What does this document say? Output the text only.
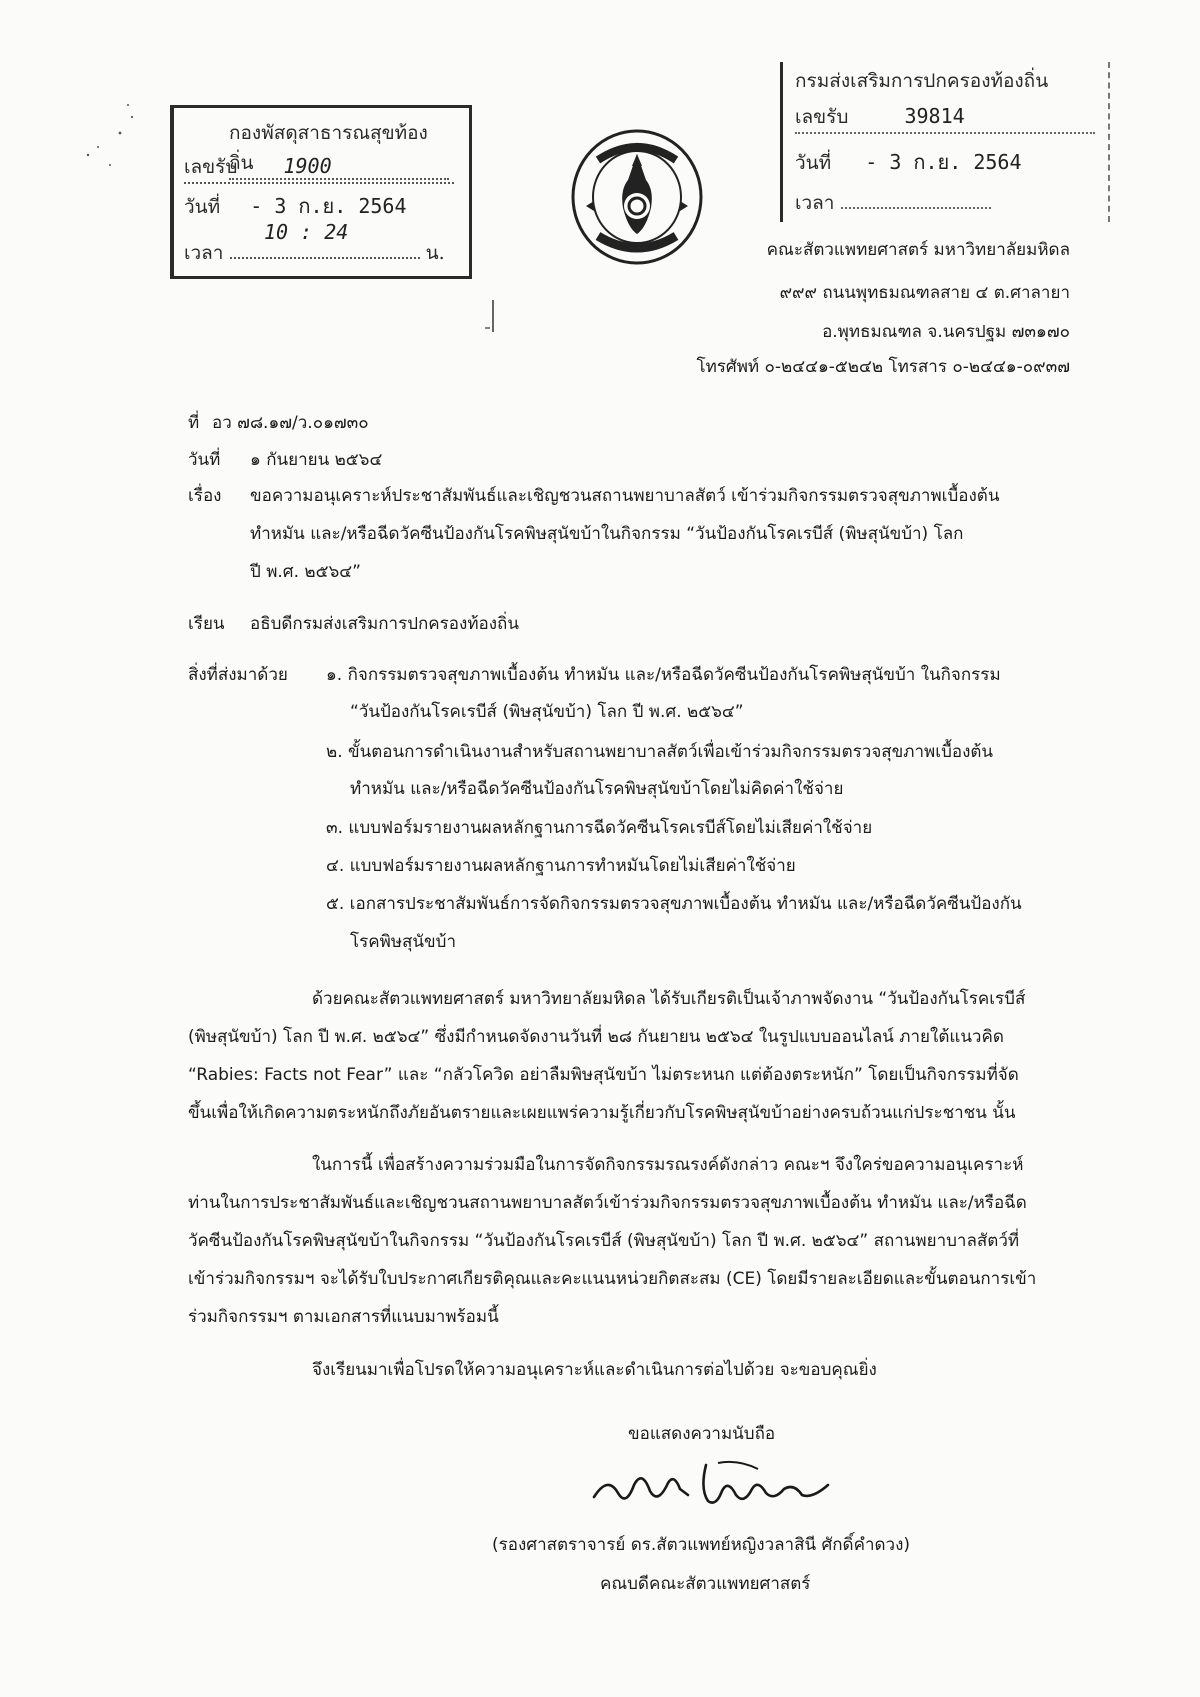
กองพัสดุสาธารณสุขท้องถิ่น
เลขรับ 1900
วันที่ - 3 ก.ย. 2564
10 : 24
เวลา	น.
กรมส่งเสริมการปกครองท้องถิ่น
เลขรับ	39814
วันที่ - 3 ก.ย. 2564
เวลา
คณะสัตวแพทยศาสตร์ มหาวิทยาลัยมหิดล
๙๙๙ ถนนพุทธมณฑลสาย ๔ ต.ศาลายา
อ.พุทธมณฑล จ.นครปฐม ๗๓๑๗๐
โทรศัพท์ ๐-๒๔๔๑-๕๒๔๒ โทรสาร ๐-๒๔๔๑-๐๙๓๗
ที่ อว ๗๘.๑๗/ว.๐๑๗๓๐
วันที่ ๑ กันยายน ๒๕๖๔
เรื่อง ขอความอนุเคราะห์ประชาสัมพันธ์และเชิญชวนสถานพยาบาลสัตว์ เข้าร่วมกิจกรรมตรวจสุขภาพเบื้องต้น
ทำหมัน และ/หรือฉีดวัคซีนป้องกันโรคพิษสุนัขบ้าในกิจกรรม “วันป้องกันโรคเรบีส์ (พิษสุนัขบ้า) โลก
ปี พ.ศ. ๒๕๖๔”
เรียน อธิบดีกรมส่งเสริมการปกครองท้องถิ่น
สิ่งที่ส่งมาด้วย ๑. กิจกรรมตรวจสุขภาพเบื้องต้น ทำหมัน และ/หรือฉีดวัคซีนป้องกันโรคพิษสุนัขบ้า ในกิจกรรม
“วันป้องกันโรคเรบีส์ (พิษสุนัขบ้า) โลก ปี พ.ศ. ๒๕๖๔”
๒. ขั้นตอนการดำเนินงานสำหรับสถานพยาบาลสัตว์เพื่อเข้าร่วมกิจกรรมตรวจสุขภาพเบื้องต้น
ทำหมัน และ/หรือฉีดวัคซีนป้องกันโรคพิษสุนัขบ้าโดยไม่คิดค่าใช้จ่าย
๓. แบบฟอร์มรายงานผลหลักฐานการฉีดวัคซีนโรคเรบีส์โดยไม่เสียค่าใช้จ่าย
๔. แบบฟอร์มรายงานผลหลักฐานการทำหมันโดยไม่เสียค่าใช้จ่าย
๕. เอกสารประชาสัมพันธ์การจัดกิจกรรมตรวจสุขภาพเบื้องต้น ทำหมัน และ/หรือฉีดวัคซีนป้องกัน
โรคพิษสุนัขบ้า
ด้วยคณะสัตวแพทยศาสตร์ มหาวิทยาลัยมหิดล ได้รับเกียรติเป็นเจ้าภาพจัดงาน “วันป้องกันโรคเรบีส์
(พิษสุนัขบ้า) โลก ปี พ.ศ. ๒๕๖๔” ซึ่งมีกำหนดจัดงานวันที่ ๒๘ กันยายน ๒๕๖๔ ในรูปแบบออนไลน์ ภายใต้แนวคิด
“Rabies: Facts not Fear” และ “กลัวโควิด อย่าลืมพิษสุนัขบ้า ไม่ตระหนก แต่ต้องตระหนัก” โดยเป็นกิจกรรมที่จัด
ขึ้นเพื่อให้เกิดความตระหนักถึงภัยอันตรายและเผยแพร่ความรู้เกี่ยวกับโรคพิษสุนัขบ้าอย่างครบถ้วนแก่ประชาชน นั้น
ในการนี้ เพื่อสร้างความร่วมมือในการจัดกิจกรรมรณรงค์ดังกล่าว คณะฯ จึงใคร่ขอความอนุเคราะห์
ท่านในการประชาสัมพันธ์และเชิญชวนสถานพยาบาลสัตว์เข้าร่วมกิจกรรมตรวจสุขภาพเบื้องต้น ทำหมัน และ/หรือฉีด
วัคซีนป้องกันโรคพิษสุนัขบ้าในกิจกรรม “วันป้องกันโรคเรบีส์ (พิษสุนัขบ้า) โลก ปี พ.ศ. ๒๕๖๔” สถานพยาบาลสัตว์ที่
เข้าร่วมกิจกรรมฯ จะได้รับใบประกาศเกียรติคุณและคะแนนหน่วยกิตสะสม (CE) โดยมีรายละเอียดและขั้นตอนการเข้า
ร่วมกิจกรรมฯ ตามเอกสารที่แนบมาพร้อมนี้
จึงเรียนมาเพื่อโปรดให้ความอนุเคราะห์และดำเนินการต่อไปด้วย จะขอบคุณยิ่ง
ขอแสดงความนับถือ
(รองศาสตราจารย์ ดร.สัตวแพทย์หญิงวลาสินี ศักดิ์คำดวง)
คณบดีคณะสัตวแพทยศาสตร์
